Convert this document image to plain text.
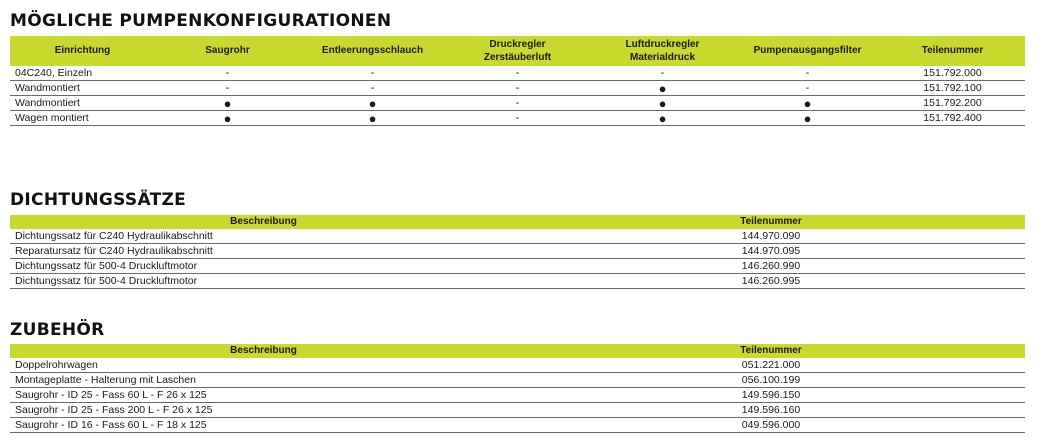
MÖGLICHE PUMPENKONFIGURATIONEN
Einrichtung	Saugrohr	Entleerungsschlauch	Druckregler Zerstäuberluft	Luftdruckregler Materialdruck	Pumpenausgangsfilter	Teilenummer
04C240, Einzeln	-	-	-	-	-	151.792.000
Wandmontiert	-	-	-	●	-	151.792.100
Wandmontiert	●	●	-	●	●	151.792.200
Wagen montiert	●	●	-	●	●	151.792.400
DICHTUNGSSÄTZE
Beschreibung	Teilenummer
Dichtungssatz für C240 Hydraulikabschnitt	144.970.090
Reparatursatz für C240 Hydraulikabschnitt	144.970.095
Dichtungssatz für 500-4 Druckluftmotor	146.260.990
Dichtungssatz für 500-4 Druckluftmotor	146.260.995
ZUBEHÖR
Beschreibung	Teilenummer
Doppelrohrwagen	051.221.000
Montageplatte - Halterung mit Laschen	056.100.199
Saugrohr - ID 25 - Fass 60 L - F 26 x 125	149.596.150
Saugrohr - ID 25 - Fass 200 L - F 26 x 125	149.596.160
Saugrohr - ID 16 - Fass 60 L - F 18 x 125	049.596.000
